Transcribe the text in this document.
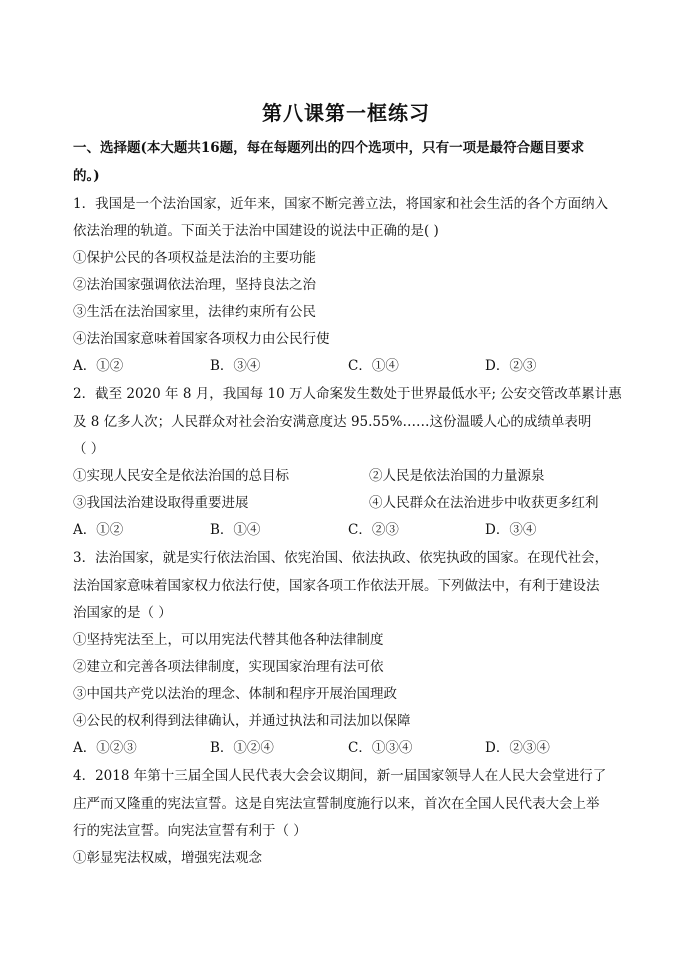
第八课第一框练习
一、选择题(本大题共16题，每在每题列出的四个选项中，只有一项是最符合题目要求
的。)
1．我国是一个法治国家，近年来，国家不断完善立法，将国家和社会生活的各个方面纳入
依法治理的轨道。下面关于法治中国建设的说法中正确的是( )
①保护公民的各项权益是法治的主要功能
②法治国家强调依法治理，坚持良法之治
③生活在法治国家里，法律约束所有公民
④法治国家意味着国家各项权力由公民行使
A．①②	B．③④	C．①④	D．②③
2．截至 2020 年 8 月，我国每 10 万人命案发生数处于世界最低水平; 公安交管改革累计惠
及 8 亿多人次；人民群众对社会治安满意度达 95.55%……这份温暖人心的成绩单表明
（ ）
①实现人民安全是依法治国的总目标	②人民是依法治国的力量源泉
③我国法治建设取得重要进展	④人民群众在法治进步中收获更多红利
A．①②	B．①④	C．②③	D．③④
3．法治国家，就是实行依法治国、依宪治国、依法执政、依宪执政的国家。在现代社会，
法治国家意味着国家权力依法行使，国家各项工作依法开展。下列做法中，有利于建设法
治国家的是（ ）
①坚持宪法至上，可以用宪法代替其他各种法律制度
②建立和完善各项法律制度，实现国家治理有法可依
③中国共产党以法治的理念、体制和程序开展治国理政
④公民的权利得到法律确认，并通过执法和司法加以保障
A．①②③	B．①②④	C．①③④	D．②③④
4．2018 年第十三届全国人民代表大会会议期间，新一届国家领导人在人民大会堂进行了
庄严而又隆重的宪法宣誓。这是自宪法宣誓制度施行以来，首次在全国人民代表大会上举
行的宪法宣誓。向宪法宣誓有利于（ ）
①彰显宪法权威，增强宪法观念
